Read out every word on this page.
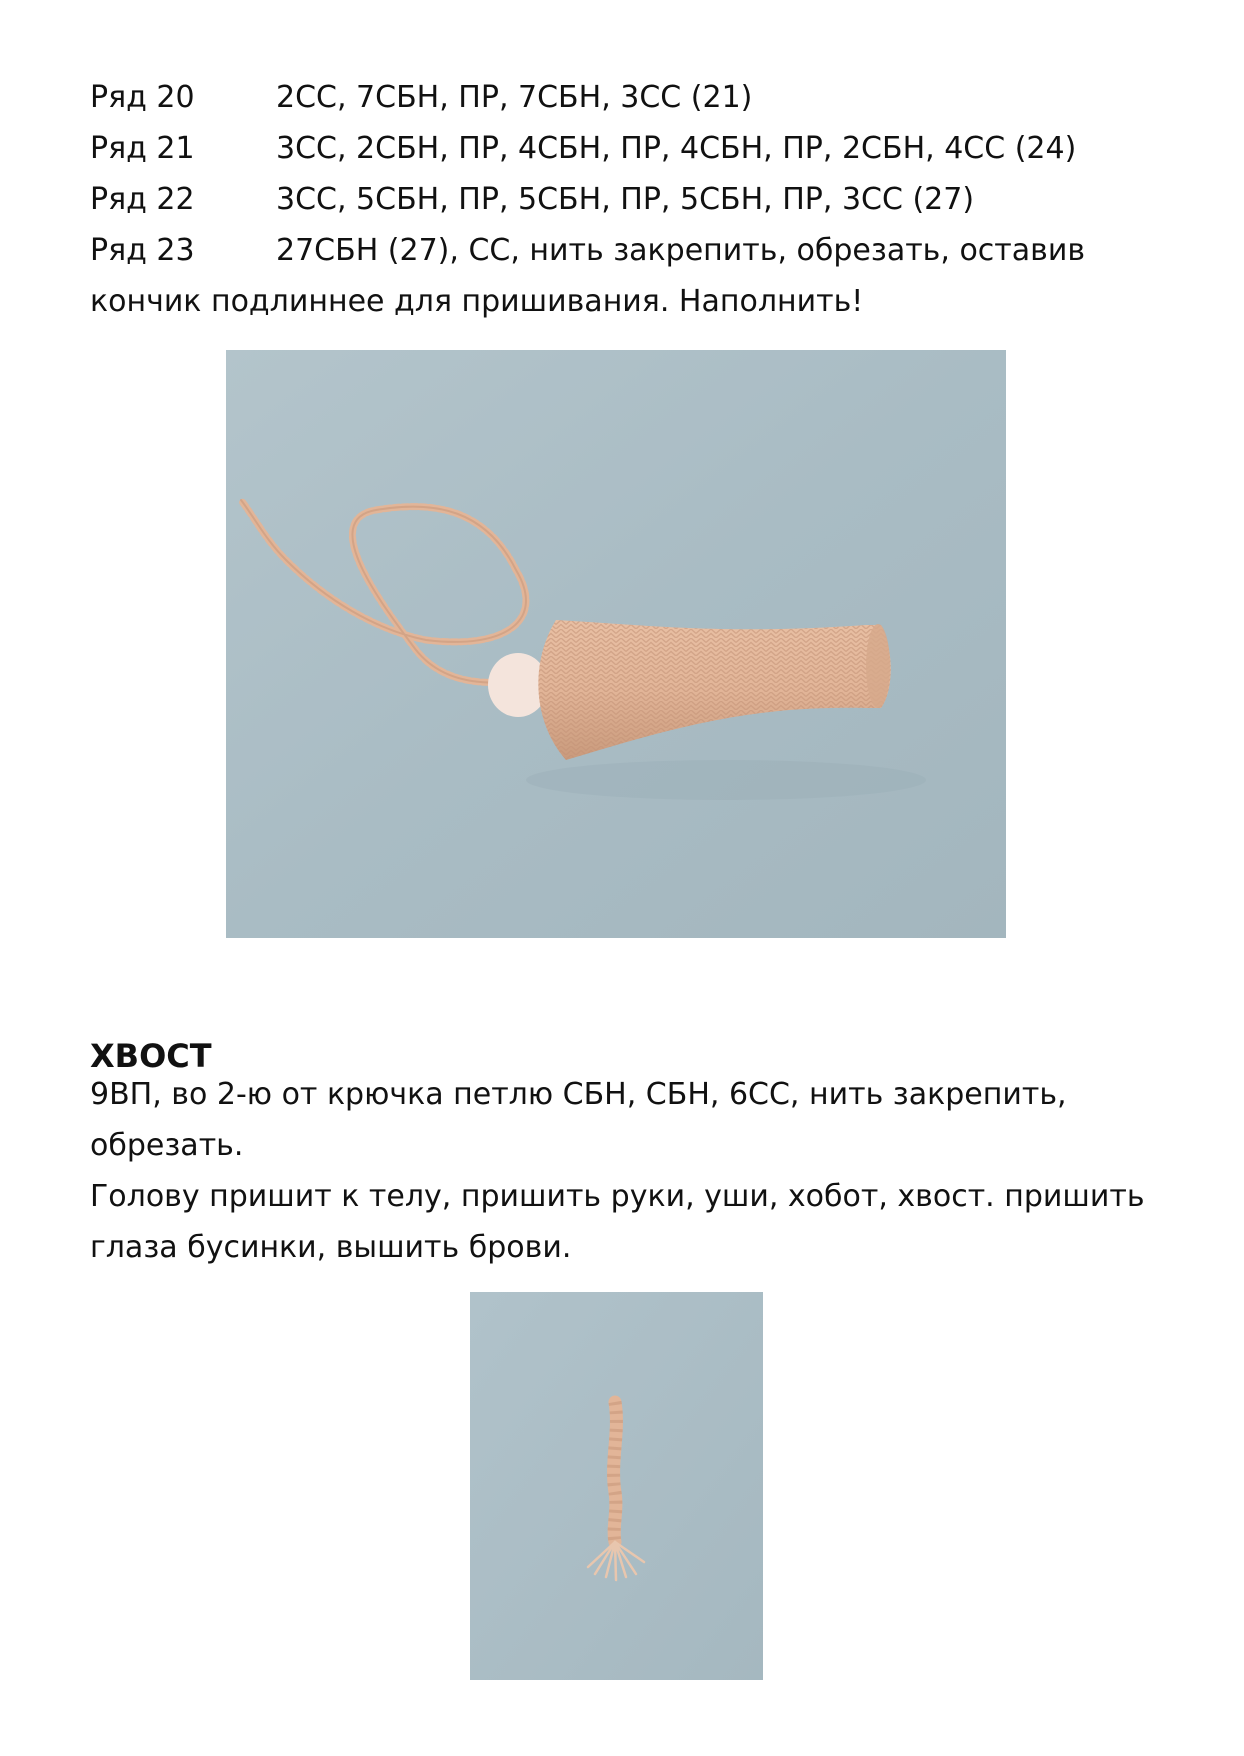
Ряд 20	2СС, 7СБН, ПР, 7СБН, 3СС (21)
Ряд 21	3СС, 2СБН, ПР, 4СБН, ПР, 4СБН, ПР, 2СБН, 4СС (24)
Ряд 22	3СС, 5СБН, ПР, 5СБН, ПР, 5СБН, ПР, 3СС (27)
Ряд 23	27СБН (27), СС, нить закрепить, обрезать, оставив
кончик подлиннее для пришивания. Наполнить!
ХВОСТ
9ВП, во 2-ю от крючка петлю СБН, СБН, 6СС, нить закрепить,
обрезать.
Голову пришит к телу, пришить руки, уши, хобот, хвост. пришить
глаза бусинки, вышить брови.
